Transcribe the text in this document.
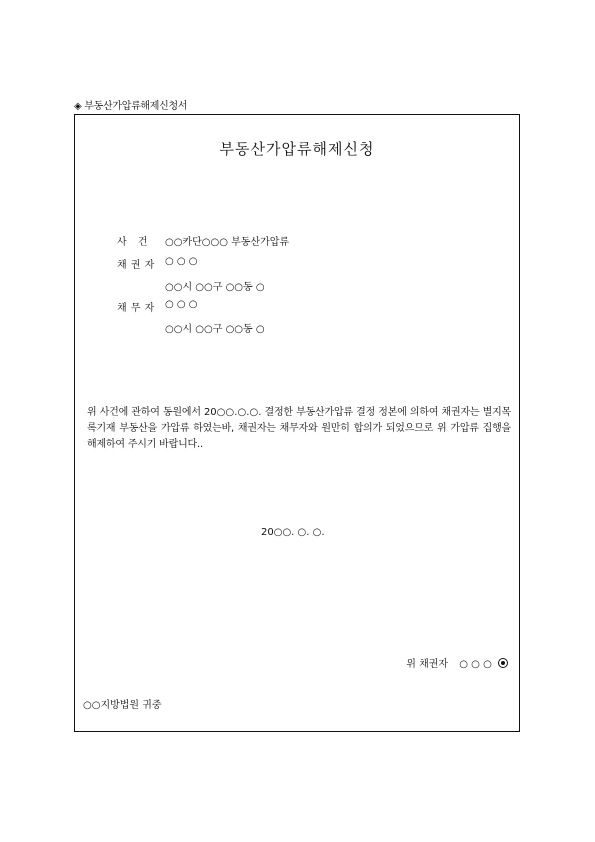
◈ 부동산가압류해제신청서
부동산가압류해제신청
사 건 ○○카단○○○ 부동산가압류
채 권 자 ○ ○ ○
○○시 ○○구 ○○동 ○
채 무 자 ○ ○ ○
○○시 ○○구 ○○동 ○
위 사건에 관하여 동원에서 20○○.○.○. 결정한 부동산가압류 결정 정본에 의하여 채권자는 별지목록기재 부동산을 가압류 하였는바, 채권자는 채무자와 원만히 합의가 되었으므로 위 가압류 집행을 해제하여 주시기 바랍니다..
20○○. ○. ○.
위 채권자 ○ ○ ○
○○지방법원 귀중
